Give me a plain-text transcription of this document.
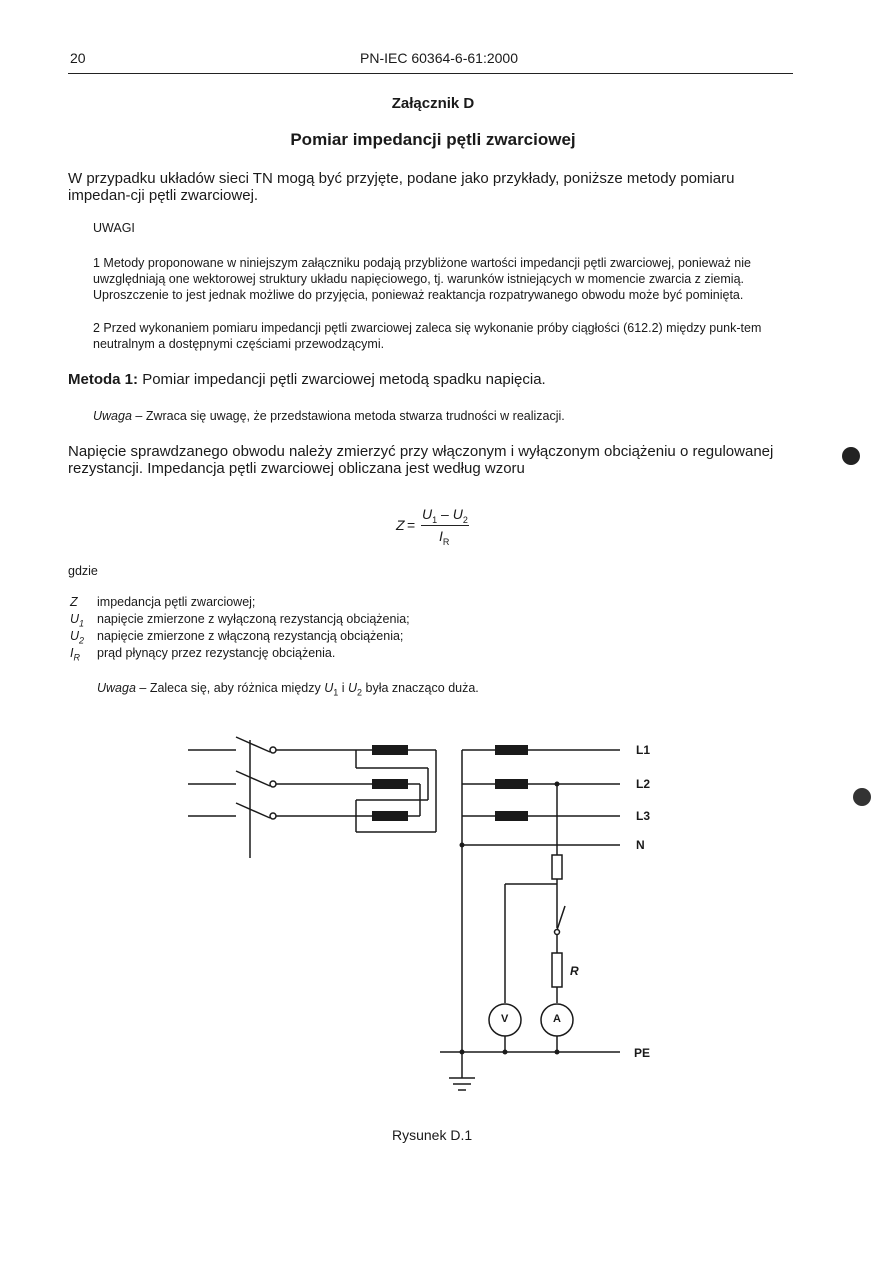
20	PN-IEC 60364-6-61:2000
Załącznik D
Pomiar impedancji pętli zwarciowej
W przypadku układów sieci TN mogą być przyjęte, podane jako przykłady, poniższe metody pomiaru impedan-cji pętli zwarciowej.
UWAGI
1 Metody proponowane w niniejszym załączniku podają przybliżone wartości impedancji pętli zwarciowej, ponieważ nie uwzględniają one wektorowej struktury układu napięciowego, tj. warunków istniejących w momencie zwarcia z ziemią. Uproszczenie to jest jednak możliwe do przyjęcia, ponieważ reaktancja rozpatrywanego obwodu może być pominięta.
2 Przed wykonaniem pomiaru impedancji pętli zwarciowej zaleca się wykonanie próby ciągłości (612.2) między punk-tem neutralnym a dostępnymi częściami przewodzącymi.
Metoda 1: Pomiar impedancji pętli zwarciowej metodą spadku napięcia.
Uwaga – Zwraca się uwagę, że przedstawiona metoda stwarza trudności w realizacji.
Napięcie sprawdzanego obwodu należy zmierzyć przy włączonym i wyłączonym obciążeniu o regulowanej rezystancji. Impedancja pętli zwarciowej obliczana jest według wzoru
Z =
$U_1 - U_2$
$I_R$
gdzie
Z impedancja pętli zwarciowej;
$U_1$ napięcie zmierzone z wyłączoną rezystancją obciążenia;
$U_2$ napięcie zmierzone z włączoną rezystancją obciążenia;
$I_R$ prąd płynący przez rezystancję obciążenia.
Uwaga – Zaleca się, aby różnica między $U_1$ i $U_2$ była znacząco duża.
L1
L2
L3
N
PE
R
V	A
Rysunek D.1
